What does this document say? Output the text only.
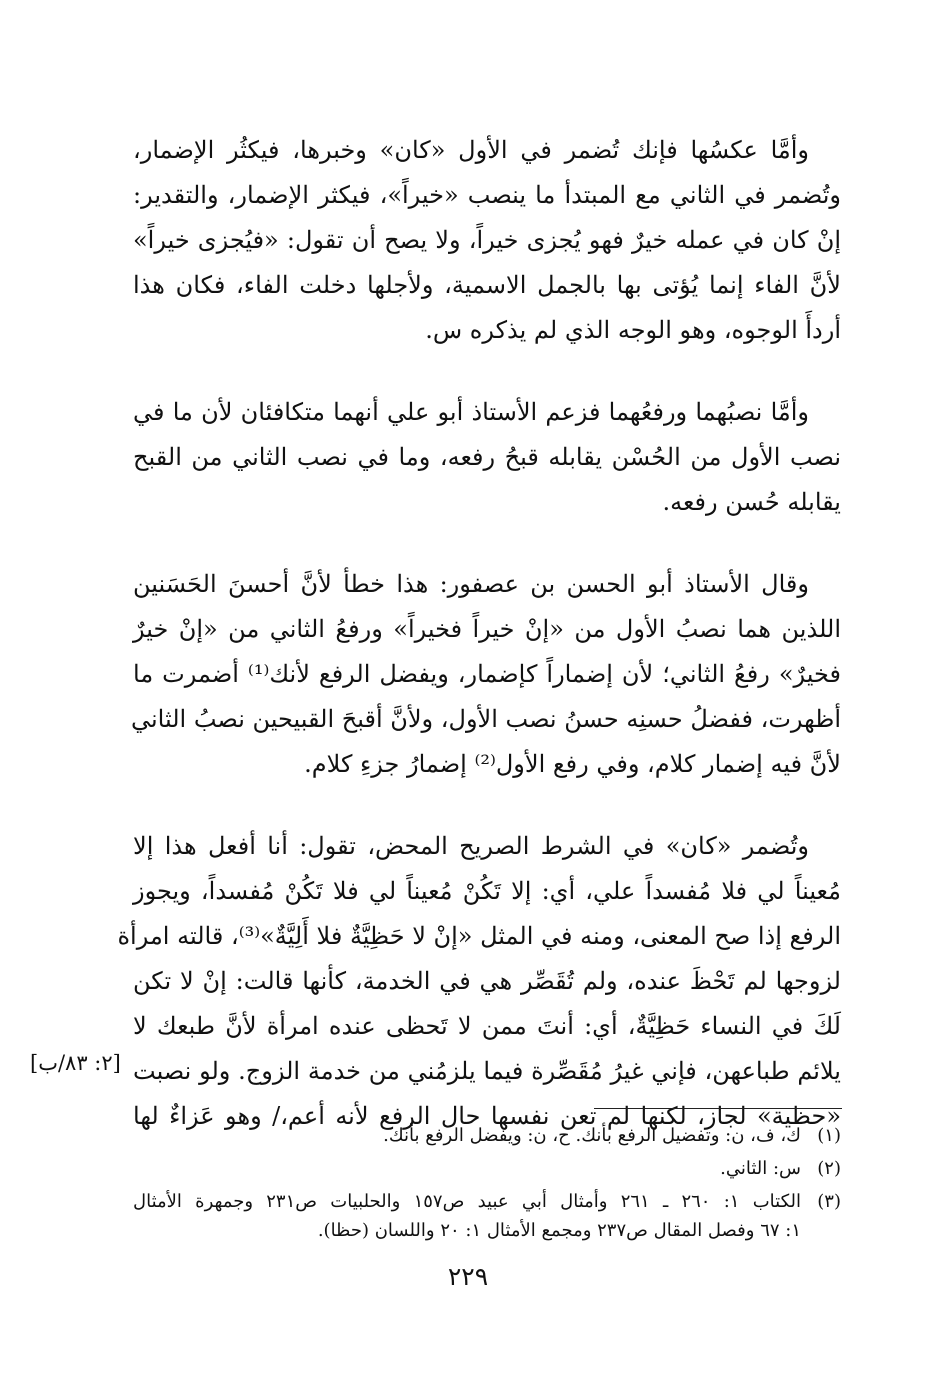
وأمَّا عكسُها فإنك تُضمر في الأول «كان» وخبرها، فيكثُر الإضمار،
وتُضمر في الثاني مع المبتدأ ما ينصب «خيراً»، فيكثر الإضمار، والتقدير:
إنْ كان في عمله خيرٌ فهو يُجزى خيراً، ولا يصح أن تقول: «فيُجزى خيراً»
لأنَّ الفاء إنما يُؤتى بها بالجمل الاسمية، ولأجلها دخلت الفاء، فكان هذا
أردأَ الوجوه، وهو الوجه الذي لم يذكره س.
وأمَّا نصبُهما ورفعُهما فزعم الأستاذ أبو علي أنهما متكافئان لأن ما في
نصب الأول من الحُسْن يقابله قبحُ رفعه، وما في نصب الثاني من القبح
يقابله حُسن رفعه.
وقال الأستاذ أبو الحسن بن عصفور: هذا خطأ لأنَّ أحسنَ الحَسَنين
اللذين هما نصبُ الأول من «إنْ خيراً فخيراً» ورفعُ الثاني من «إنْ خيرٌ
فخيرٌ» رفعُ الثاني؛ لأن إضماراً كإضمار، ويفضل الرفع لأنك⁽¹⁾ أضمرت ما
أظهرت، ففضلُ حسنِه حسنُ نصب الأول، ولأنَّ أقبحَ القبيحين نصبُ الثاني
لأنَّ فيه إضمار كلام، وفي رفع الأول⁽²⁾ إضمارُ جزءِ كلام.
وتُضمر «كان» في الشرط الصريح المحض، تقول: أنا أفعل هذا إلا
مُعيناً لي فلا مُفسداً علي، أي: إلا تَكُنْ مُعيناً لي فلا تَكُنْ مُفسداً، ويجوز
الرفع إذا صح المعنى، ومنه في المثل «إنْ لا حَظِيَّةٌ فلا أَلِيَّةٌ»⁽³⁾، قالته امرأة
لزوجها لم تَحْظَ عنده، ولم تُقَصِّر هي في الخدمة، كأنها قالت: إنْ لا تكن
لَكَ في النساء حَظِيَّةٌ، أي: أنتَ ممن لا تَحظى عنده امرأة لأنَّ طبعك لا
يلائم طباعهن، فإني غيرُ مُقَصِّرة فيما يلزمُني من خدمة الزوج. ولو نصبت
«حظية» لجاز، لكنها لم تعن نفسها حال الرفع لأنه أعم،/ وهو عَزاءٌ لها
[٢: ٨٣/ب]
(١)
ك، ف، ن: وتفضيل الرفع بأنك. ح، ن: ويفضل الرفع بأنك.
(٢)
س: الثاني.
(٣)
الكتاب ١: ٢٦٠ ـ ٢٦١ وأمثال أبي عبيد ص١٥٧ والحلبيات ص٢٣١ وجمهرة الأمثال
١: ٦٧ وفصل المقال ص٢٣٧ ومجمع الأمثال ١: ٢٠ واللسان (حظا).
٢٢٩
